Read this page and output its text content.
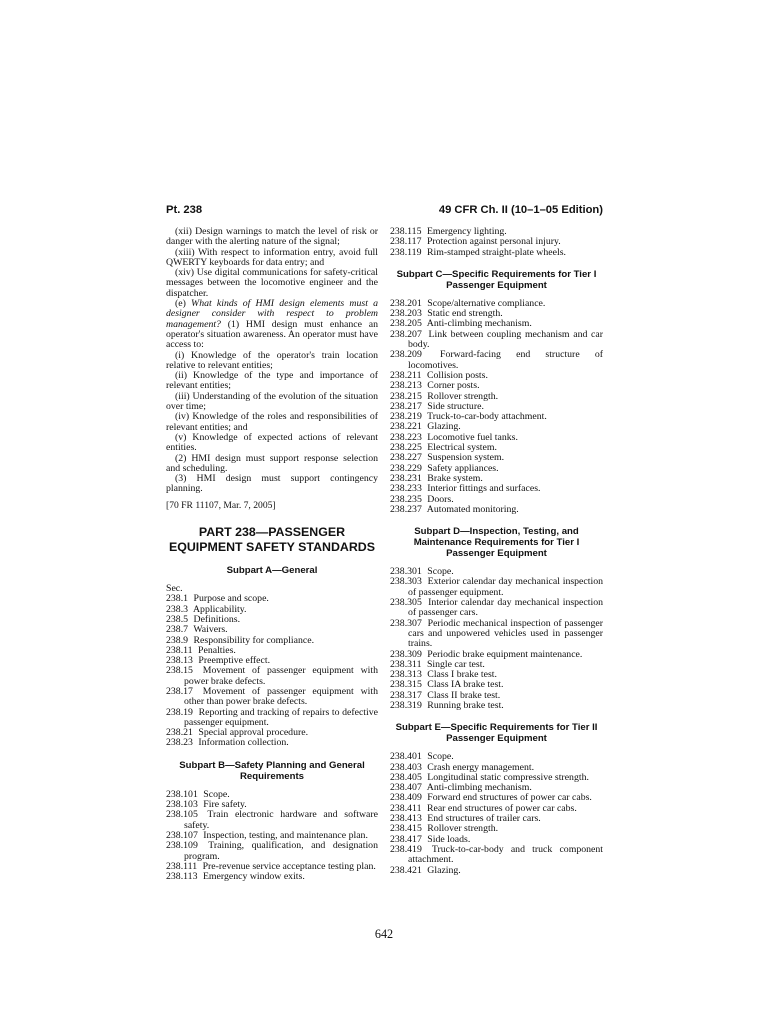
Pt. 238	49 CFR Ch. II (10–1–05 Edition)

(xii) Design warnings to match the level of risk or danger with the alerting nature of the signal;

(xiii) With respect to information entry, avoid full QWERTY keyboards for data entry; and

(xiv) Use digital communications for safety-critical messages between the locomotive engineer and the dispatcher.

(e) What kinds of HMI design elements must a designer consider with respect to problem management? (1) HMI design must enhance an operator's situation awareness. An operator must have access to:

(i) Knowledge of the operator's train location relative to relevant entities;

(ii) Knowledge of the type and importance of relevant entities;

(iii) Understanding of the evolution of the situation over time;

(iv) Knowledge of the roles and responsibilities of relevant entities; and

(v) Knowledge of expected actions of relevant entities.

(2) HMI design must support response selection and scheduling.

(3) HMI design must support contingency planning.

[70 FR 11107, Mar. 7, 2005]

PART 238—PASSENGER EQUIPMENT SAFETY STANDARDS
Subpart A—General

Sec.

238.1 Purpose and scope.
238.3 Applicability.
238.5 Definitions.
238.7 Waivers.
238.9 Responsibility for compliance.
238.11 Penalties.
238.13 Preemptive effect.
238.15 Movement of passenger equipment with power brake defects.
238.17 Movement of passenger equipment with other than power brake defects.
238.19 Reporting and tracking of repairs to defective passenger equipment.
238.21 Special approval procedure.
238.23 Information collection.
Subpart B—Safety Planning and General Requirements
238.101 Scope.
238.103 Fire safety.
238.105 Train electronic hardware and software safety.
238.107 Inspection, testing, and maintenance plan.
238.109 Training, qualification, and designation program.
238.111 Pre-revenue service acceptance testing plan.
238.113 Emergency window exits.
238.115 Emergency lighting.
238.117 Protection against personal injury.
238.119 Rim-stamped straight-plate wheels.
Subpart C—Specific Requirements for Tier I Passenger Equipment
238.201 Scope/alternative compliance.
238.203 Static end strength.
238.205 Anti-climbing mechanism.
238.207 Link between coupling mechanism and car body.
238.209 Forward-facing end structure of locomotives.
238.211 Collision posts.
238.213 Corner posts.
238.215 Rollover strength.
238.217 Side structure.
238.219 Truck-to-car-body attachment.
238.221 Glazing.
238.223 Locomotive fuel tanks.
238.225 Electrical system.
238.227 Suspension system.
238.229 Safety appliances.
238.231 Brake system.
238.233 Interior fittings and surfaces.
238.235 Doors.
238.237 Automated monitoring.
Subpart D—Inspection, Testing, and Maintenance Requirements for Tier I Passenger Equipment
238.301 Scope.
238.303 Exterior calendar day mechanical inspection of passenger equipment.
238.305 Interior calendar day mechanical inspection of passenger cars.
238.307 Periodic mechanical inspection of passenger cars and unpowered vehicles used in passenger trains.
238.309 Periodic brake equipment maintenance.
238.311 Single car test.
238.313 Class I brake test.
238.315 Class IA brake test.
238.317 Class II brake test.
238.319 Running brake test.
Subpart E—Specific Requirements for Tier II Passenger Equipment
238.401 Scope.
238.403 Crash energy management.
238.405 Longitudinal static compressive strength.
238.407 Anti-climbing mechanism.
238.409 Forward end structures of power car cabs.
238.411 Rear end structures of power car cabs.
238.413 End structures of trailer cars.
238.415 Rollover strength.
238.417 Side loads.
238.419 Truck-to-car-body and truck component attachment.
238.421 Glazing.
642
